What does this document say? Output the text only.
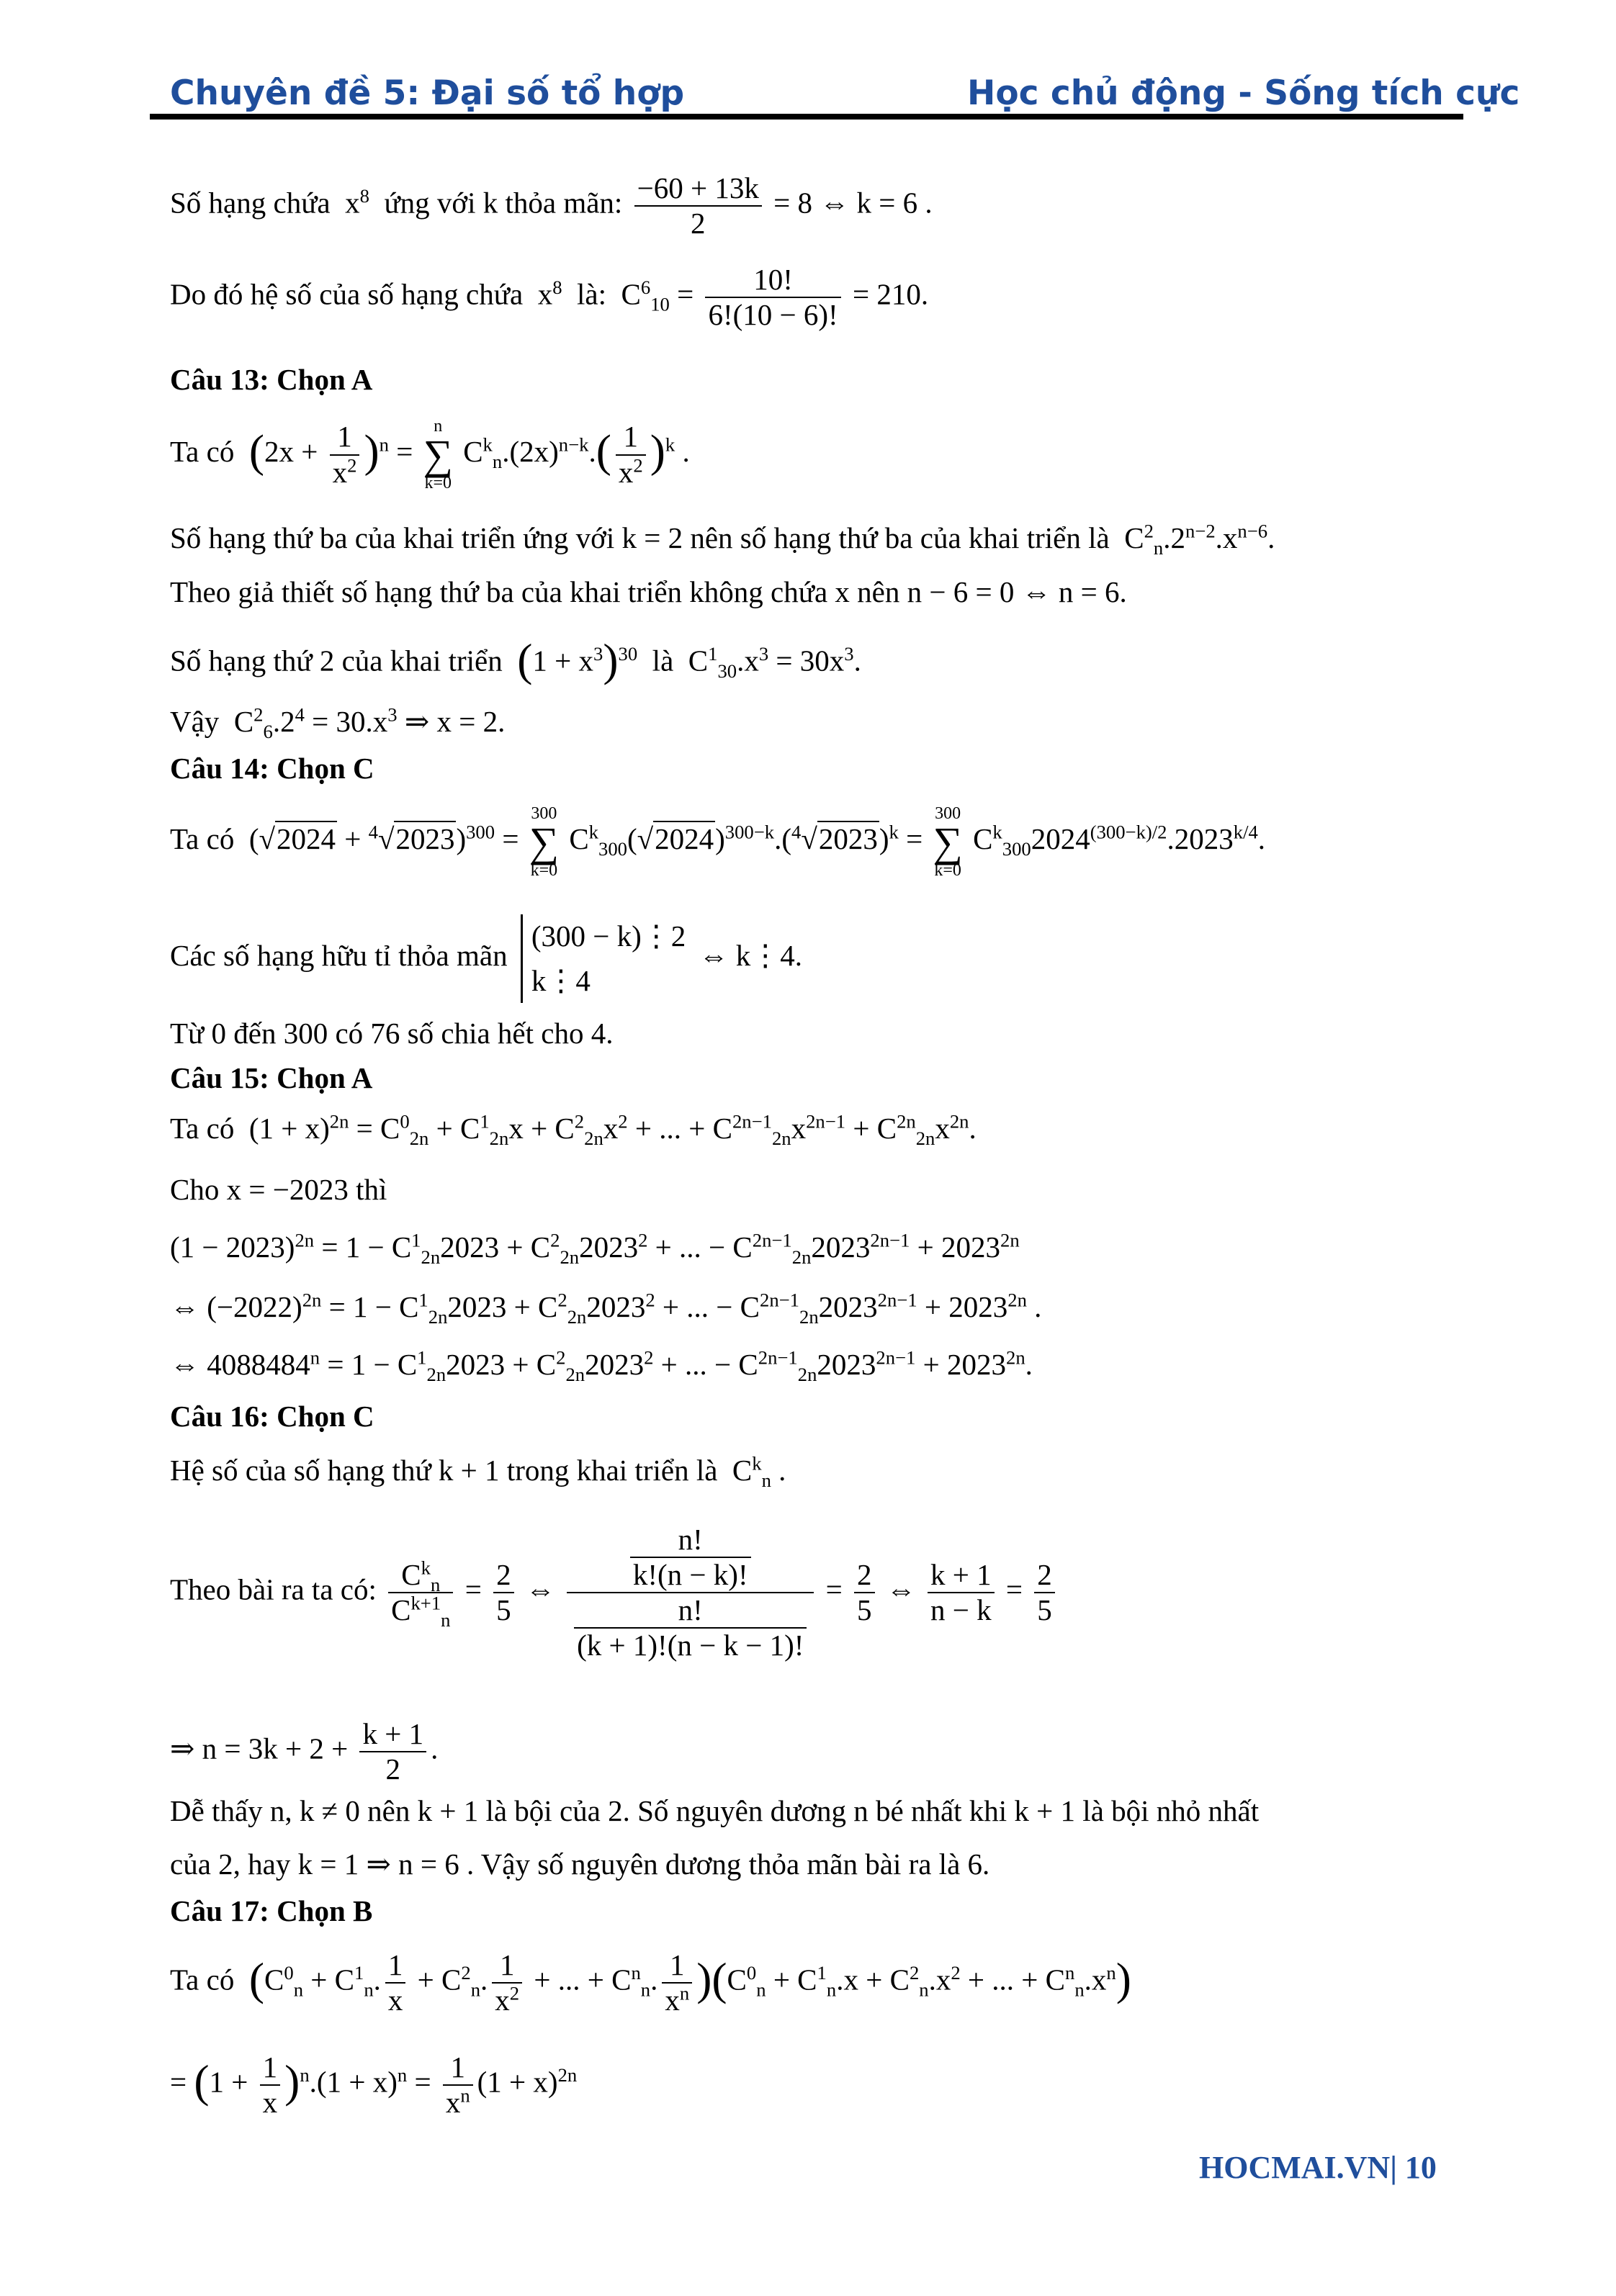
Chuyên đề 5: Đại số tổ hợp	Học chủ động - Sống tích cực
Số hạng chứa $x^8$ ứng với k thỏa mãn: $\frac{-60 + 13k}{2} = 8$ ⇔ k = 6 .
Do đó hệ số của số hạng chứa  $x^8$ là:  $C^6_{10} = \frac{10!}{6!(10 - 6)!} = 210$.
Câu 13: Chọn A
Ta có $(2x + \frac{1}{x^2} )^n$ =
n
∑
k=0
$C^k_n.(2x)^{n-k}.( \frac{1}{x^2} )^k$ .
Số hạng thứ ba của khai triển ứng với k = 2 nên số hạng thứ ba của khai triển là  $C^2_n.2^{n-2}.x^{n-6}$.
Theo giả thiết số hạng thứ ba của khai triển không chứa x nên n − 6 = 0 ⇔ n = 6.
Số hạng thứ 2 của khai triển $(1 + x^3)^{30}$ là  $C^1_{30}.x^3 = 30x^3$.
Vậy  $C^2_6.2^4 = 30.x^3$ ⇒ x = 2.
Câu 14: Chọn C
Ta có  $(√2024 + ^4√2023)^{300}$ =
300
∑
k=0
$C^k_{300}(√2024)^{300-k}.(^4√2023)^k$ =
300
∑
k=0
$C^k_{300}2024^{(300-k)/2}.2023^{k/4}$.
Các số hạng hữu tỉ thỏa mãn
(300 − k)⋮2
k⋮4
⇔ k⋮4.
Từ 0 đến 300 có 76 số chia hết cho 4.
Câu 15: Chọn A
Ta có  $(1 + x)^{2n} = C^0_{2n} + C^1_{2n}x + C^2_{2n}x^2$ + ... + $C^{2n-1}_{2n}x^{2n-1} + C^{2n}_{2n}x^{2n}$.
Cho x = −2023 thì
$(1 - 2023)^{2n} = 1 - C^1_{2n}2023 + C^2_{2n}2023^2$ + ... − $C^{2n-1}_{2n}2023^{2n-1} + 2023^{2n}$
⇔ $(-2022)^{2n} = 1 - C^1_{2n}2023 + C^2_{2n}2023^2$ + ... − $C^{2n-1}_{2n}2023^{2n-1} + 2023^{2n}$ .
⇔ $4088484^n = 1 - C^1_{2n}2023 + C^2_{2n}2023^2$ + ... − $C^{2n-1}_{2n}2023^{2n-1} + 2023^{2n}$.
Câu 16: Chọn C
Hệ số của số hạng thứ k + 1 trong khai triển là  $C^k_n$ .
Theo bài ra ta có: $C^k_n$
$C^{k+1}_n$
= $\frac{2}{5}$ ⇔ $\frac{\frac{n!}{k!(n - k)!}}{\frac{n!}{(k + 1)!(n - k - 1)!}} = \frac{2}{5}$ ⇔ $\frac{k + 1}{n - k} = \frac{2}{5}$
⇒ $n = 3k + 2 + \frac{k + 1}{2}$ .
Dễ thấy n, k ≠ 0 nên k + 1 là bội của 2. Số nguyên dương n bé nhất khi k + 1 là bội nhỏ nhất
của 2, hay k = 1 ⇒ n = 6 . Vậy số nguyên dương thỏa mãn bài ra là 6.
Câu 17: Chọn B
Ta có ($C^0_n + C^1_n$. $\frac{1}{x} + C^2_n$. $\frac{1}{x^2}$ + ... + $C^n_n$. $\frac{1}{x^n} )(C^0_n + C^1_n.x + C^2_n.x^2$ + ... + $C^n_n.x^n$)
= $(1 + \frac{1}{x} )^n.(1 + x)^n = \frac{1}{x^n} (1 + x)^{2n}$
HOCMAI.VN| 10
